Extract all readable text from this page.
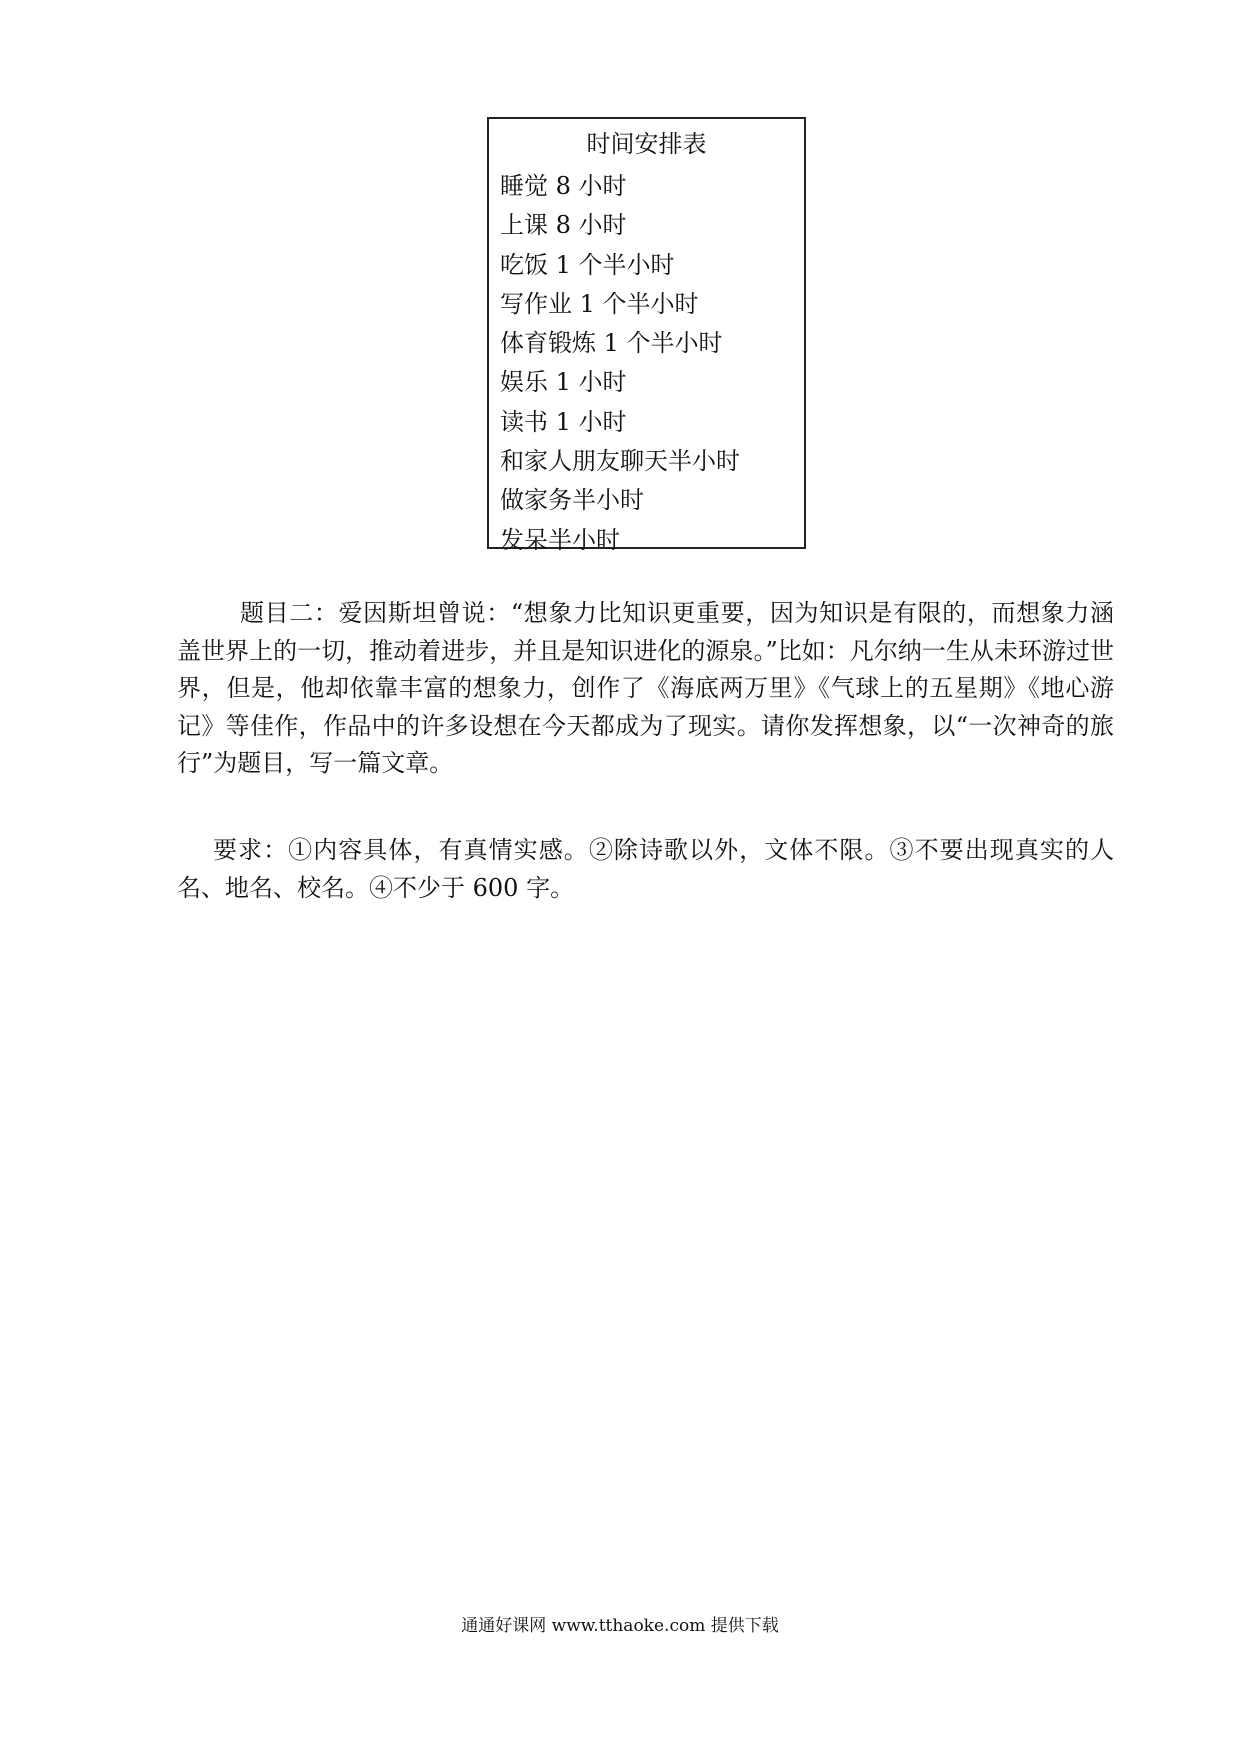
时间安排表
睡觉 8 小时
上课 8 小时
吃饭 1 个半小时
写作业 1 个半小时
体育锻炼 1 个半小时
娱乐 1 小时
读书 1 小时
和家人朋友聊天半小时
做家务半小时
发呆半小时

题目二：爱因斯坦曾说：“想象力比知识更重要，因为知识是有限的，而想象力涵盖世界上的一切，推动着进步，并且是知识进化的源泉。”比如：凡尔纳一生从未环游过世界，但是，他却依靠丰富的想象力，创作了《海底两万里》《气球上的五星期》《地心游记》等佳作，作品中的许多设想在今天都成为了现实。请你发挥想象，以“一次神奇的旅行”为题目，写一篇文章。

要求：①内容具体，有真情实感。②除诗歌以外，文体不限。③不要出现真实的人名、地名、校名。④不少于 600 字。

通通好课网 www.tthaoke.com 提供下载
